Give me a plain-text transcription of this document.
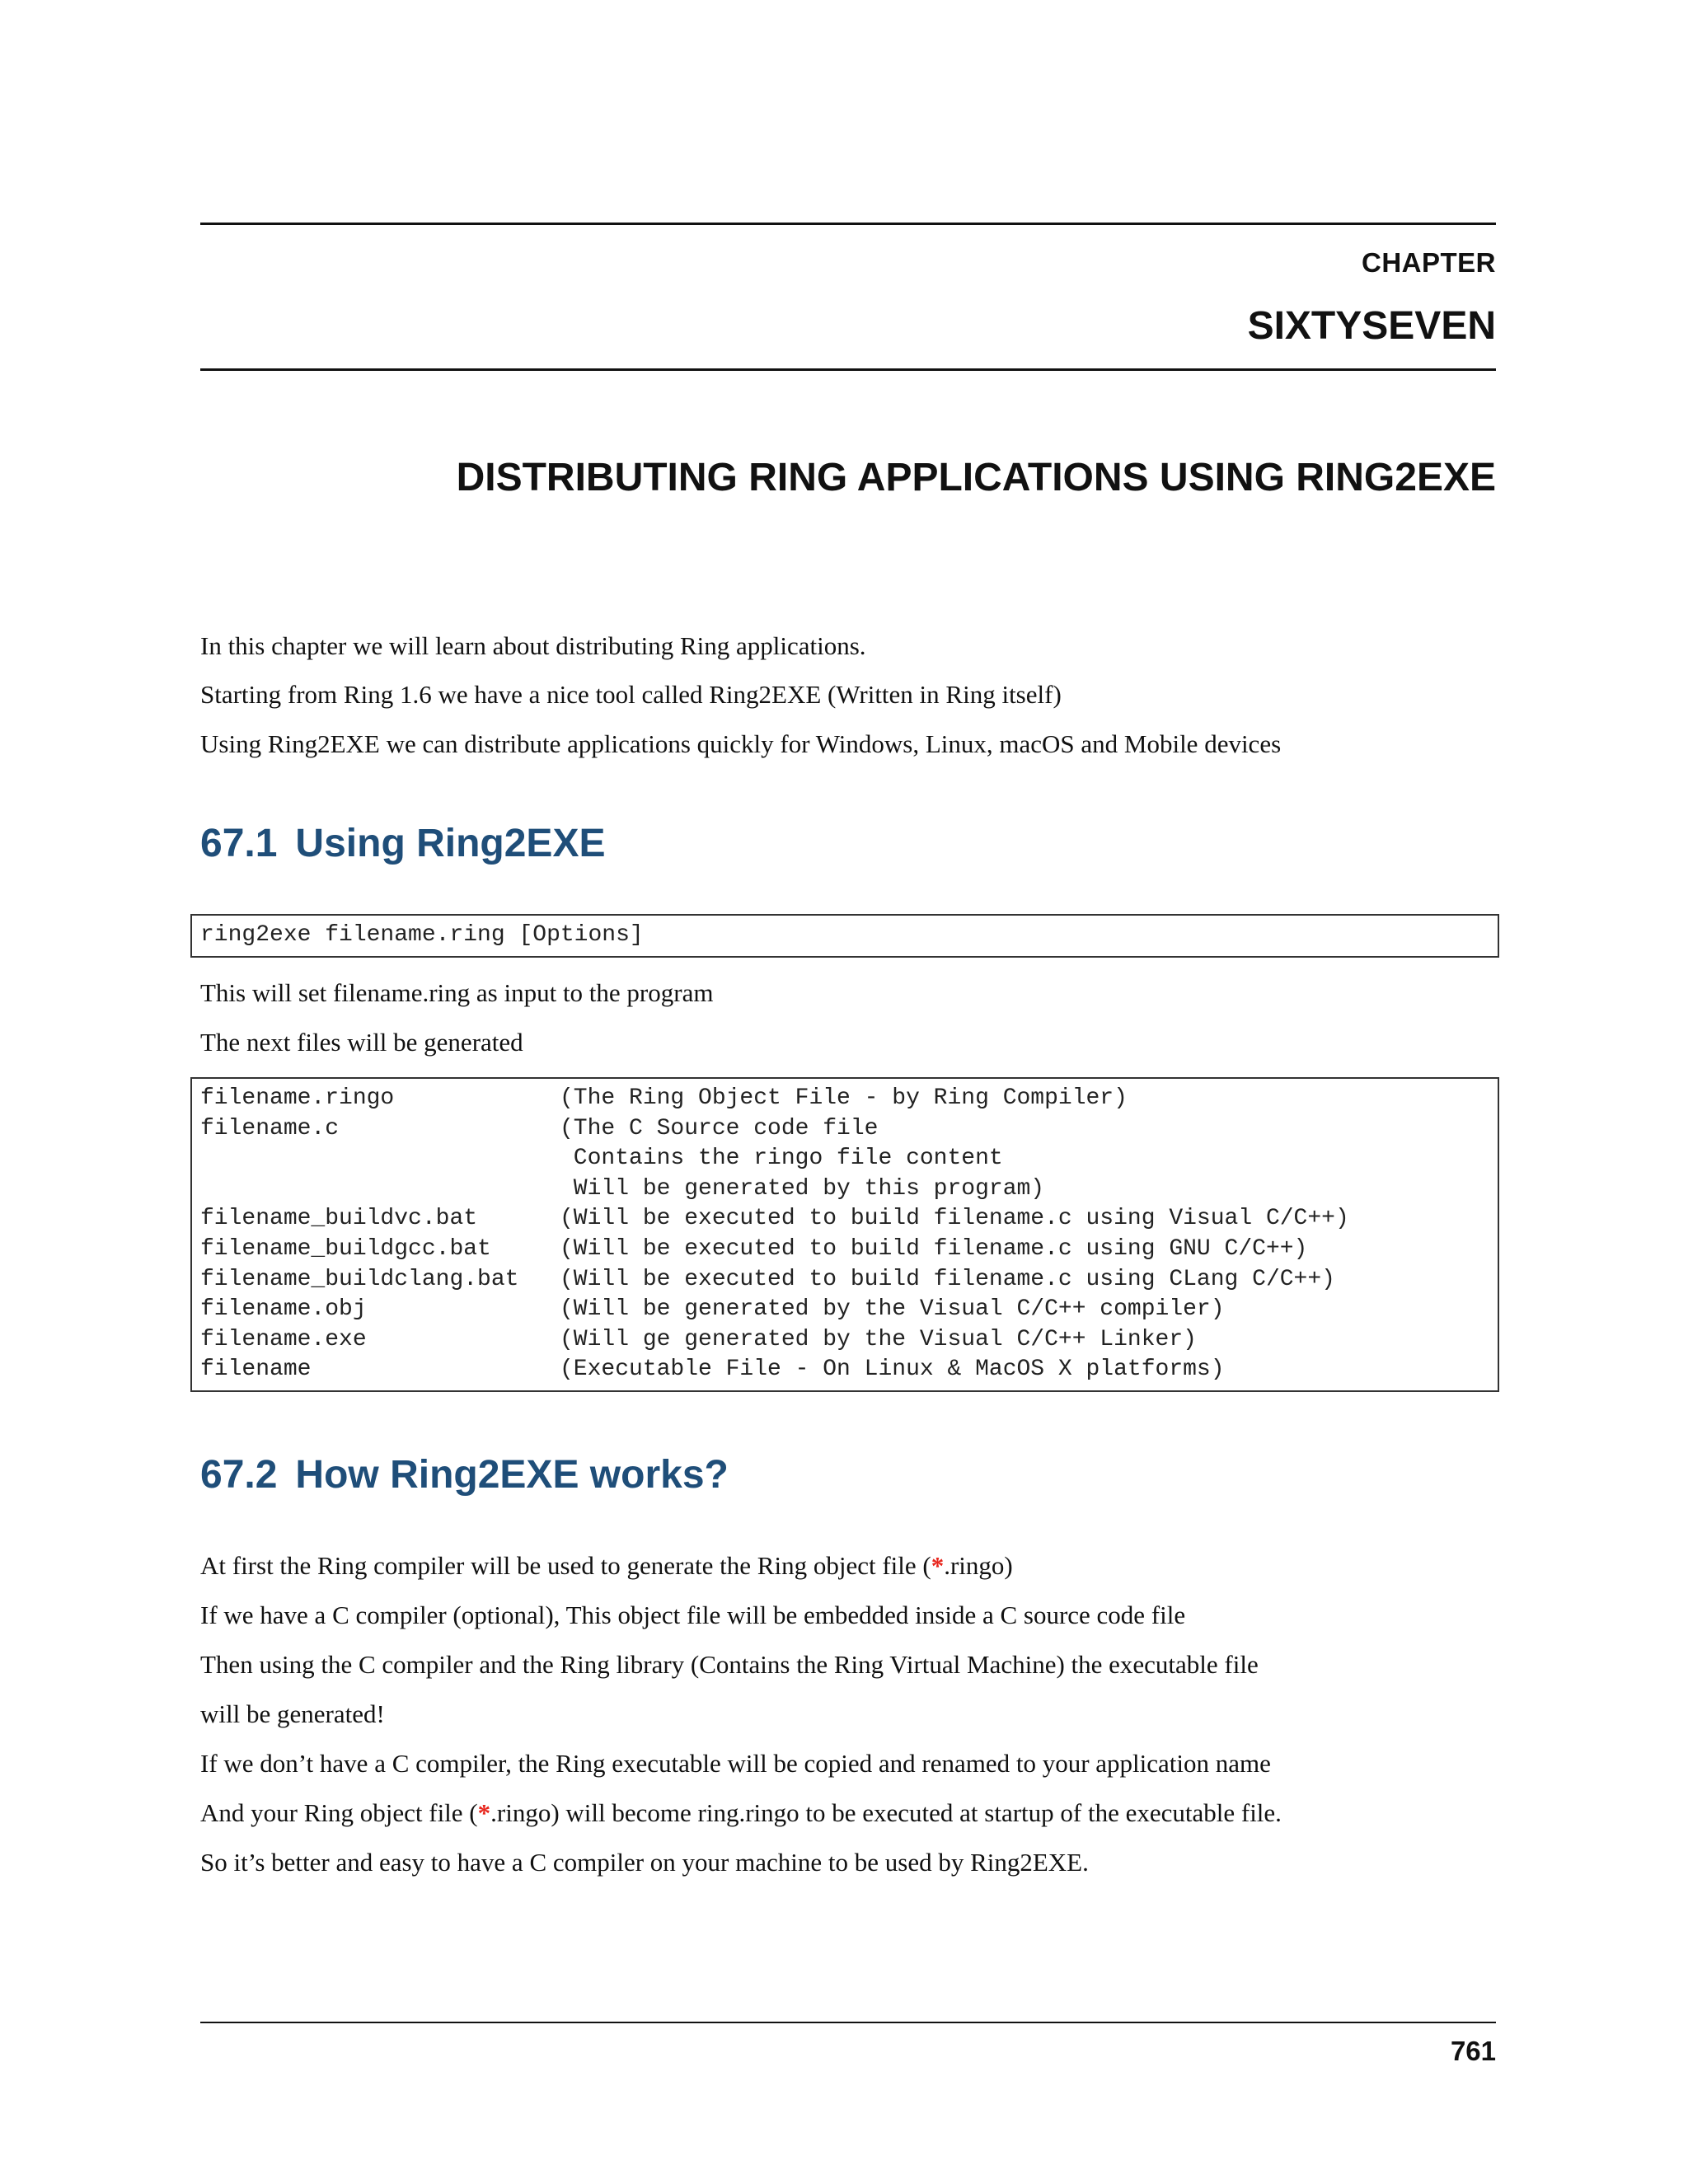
CHAPTER

SIXTYSEVEN

DISTRIBUTING RING APPLICATIONS USING RING2EXE

In this chapter we will learn about distributing Ring applications.

Starting from Ring 1.6 we have a nice tool called Ring2EXE (Written in Ring itself)

Using Ring2EXE we can distribute applications quickly for Windows, Linux, macOS and Mobile devices

67.1 Using Ring2EXE
ring2exe filename.ring [Options]

This will set filename.ring as input to the program

The next files will be generated

filename.ringo	(The Ring Object File - by Ring Compiler)
filename.c	(The C Source code file
Contains the ringo file content
Will be generated by this program)
filename_buildvc.bat	(Will be executed to build filename.c using Visual C/C++)
filename_buildgcc.bat	(Will be executed to build filename.c using GNU C/C++)
filename_buildclang.bat	(Will be executed to build filename.c using CLang C/C++)
filename.obj	(Will be generated by the Visual C/C++ compiler)
filename.exe	(Will ge generated by the Visual C/C++ Linker)
filename	(Executable File - On Linux & MacOS X platforms)
67.2 How Ring2EXE works?

At first the Ring compiler will be used to generate the Ring object file (*.ringo)

If we have a C compiler (optional), This object file will be embedded inside a C source code file

Then using the C compiler and the Ring library (Contains the Ring Virtual Machine) the executable file

will be generated!

If we don’t have a C compiler, the Ring executable will be copied and renamed to your application name

And your Ring object file (*.ringo) will become ring.ringo to be executed at startup of the executable file.

So it’s better and easy to have a C compiler on your machine to be used by Ring2EXE.

761
